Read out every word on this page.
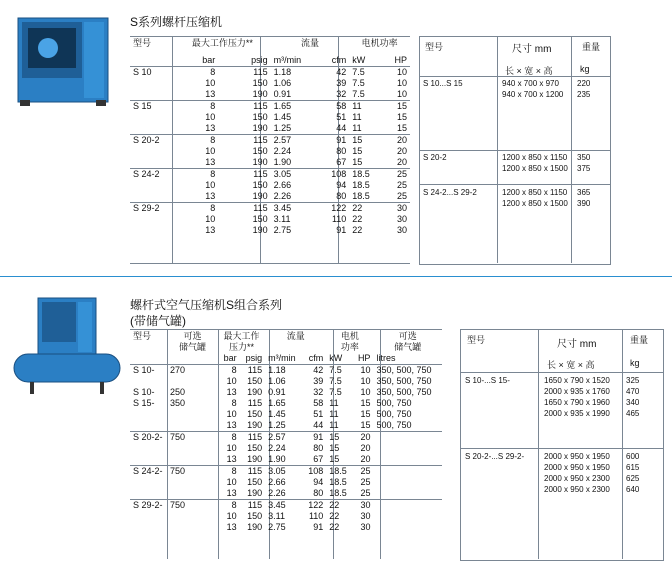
S系列螺杆压缩机
型号	最大工作压力**		流量		电机功率	

	bar	psig	m³/min	cfm	kW	HP
S 10	8	115	1.18	42	7.5	10
	10	150	1.06	39	7.5	10
	13	190	0.91	32	7.5	10
S 15	8	115	1.65	58	11	15
	10	150	1.45	51	11	15
	13	190	1.25	44	11	15
S 20-2	8	115	2.57	91	15	20
	10	150	2.24	80	15	20
	13	190	1.90	67	15	20
S 24-2	8	115	3.05	108	18.5	25
	10	150	2.66	94	18.5	25
	13	190	2.26	80	18.5	25
S 29-2	8	115	3.45	122	22	30
	10	150	3.11	110	22	30
	13	190	2.75	91	22	30
型号	尺寸 mm	重量
长 × 宽 × 高	kg
S 10...S 15	940 x 700 x 970 220
940 x 700 x 1200 235
S 20-2	1200 x 850 x 1150 350
1200 x 850 x 1500 375
S 24-2...S 29-2	1200 x 850 x 1150 365
1200 x 850 x 1500 390
螺杆式空气压缩机S组合系列
(带储气罐)
型号	可选	最大工作		流量		电机		可选
	储气罐	压力**				功率		储气罐
		bar	psig	m³/min	cfm	kW	HP	litres
S 10-	270	8	115	1.18	42	7.5	10	350, 500, 750
		10	150	1.06	39	7.5	10	350, 500, 750
S 10-	250	13	190	0.91	32	7.5	10	350, 500, 750
S 15-	350	8	115	1.65	58	11	15	500, 750
		10	150	1.45	51	11	15	500, 750
		13	190	1.25	44	11	15	500, 750
S 20-2-	750	8	115	2.57	91	15	20	
		10	150	2.24	80	15	20	
		13	190	1.90	67	15	20	
S 24-2-	750	8	115	3.05	108	18.5	25	
		10	150	2.66	94	18.5	25	
		13	190	2.26	80	18.5	25	
S 29-2-	750	8	115	3.45	122	22	30	
		10	150	3.11	110	22	30	
		13	190	2.75	91	22	30	
型号	尺寸 mm	重量
长 × 宽 × 高	kg
S 10-...S 15-	1650 x 790 x 1520 325
2000 x 935 x 1760 470
1650 x 790 x 1960 340
2000 x 935 x 1990 465
S 20-2-...S 29-2- 2000 x 950 x 1950 600
2000 x 950 x 1950 615
2000 x 950 x 2300 625
2000 x 950 x 2300 640
